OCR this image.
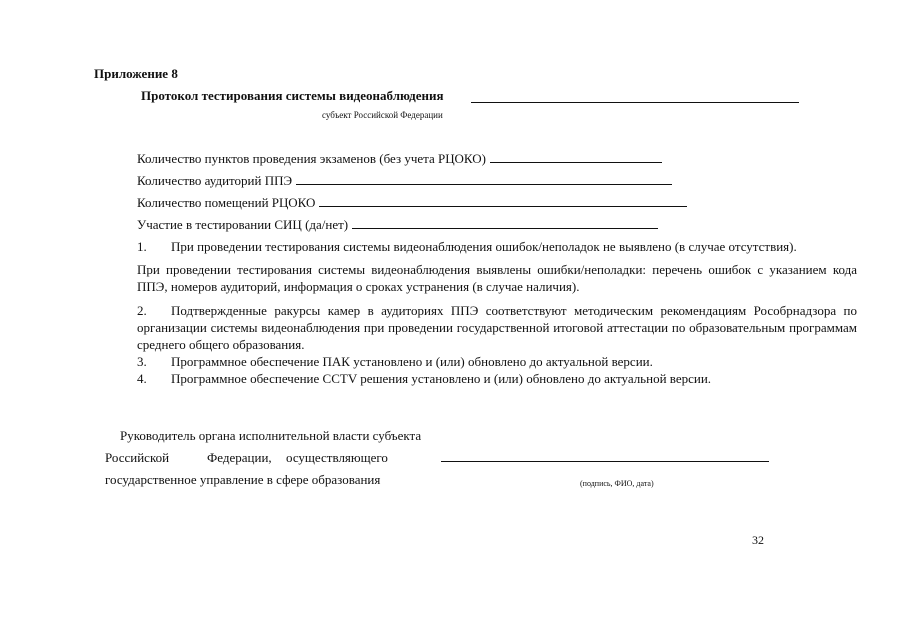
Приложение 8
Протокол тестирования системы видеонаблюдения
субъект Российской Федерации
Количество пунктов проведения экзаменов (без учета РЦОКО)
Количество аудиторий ППЭ
Количество помещений РЦОКО
Участие в тестировании СИЦ (да/нет)
1. При проведении тестирования системы видеонаблюдения ошибок/неполадок не выявлено (в случае отсутствия).
При проведении тестирования системы видеонаблюдения выявлены ошибки/неполадки: перечень ошибок с указанием кода ППЭ, номеров аудиторий, информация о сроках устранения (в случае наличия).
2. Подтвержденные ракурсы камер в аудиториях ППЭ соответствуют методическим рекомендациям Рособрнадзора по организации системы видеонаблюдения при проведении государственной итоговой аттестации по образовательным программам среднего общего образования.
3. Программное обеспечение ПАК установлено и (или) обновлено до актуальной версии.
4. Программное обеспечение CCTV решения установлено и (или) обновлено до актуальной версии.
Руководитель органа исполнительной власти субъекта
Российской	Федерации, осуществляющего
государственное управление в сфере образования	(подпись, ФИО, дата)
32
